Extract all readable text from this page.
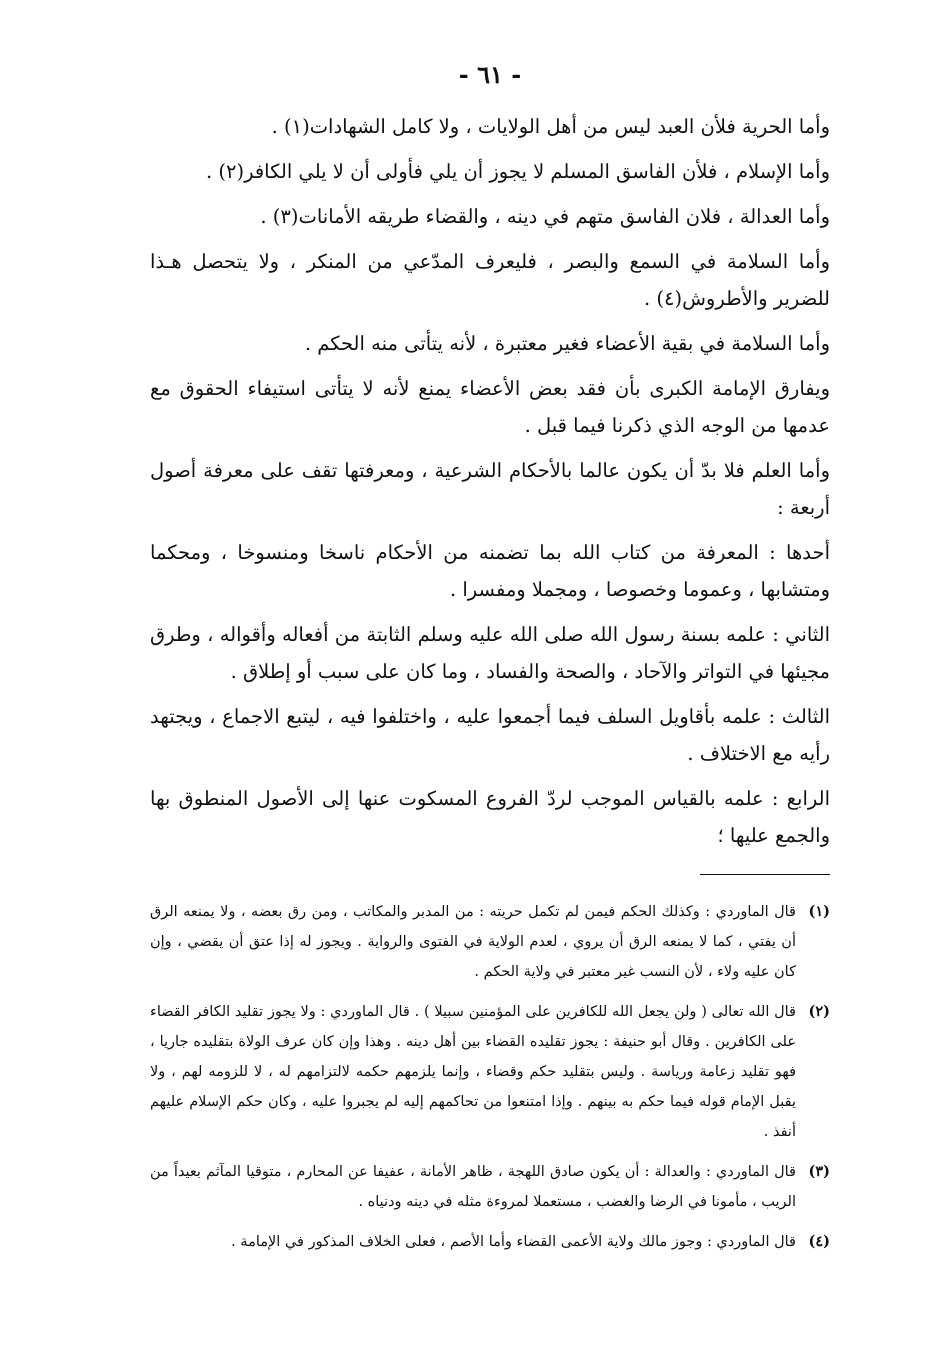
- ٦١ -

وأما الحرية فلأن العبد ليس من أهل الولايات ، ولا كامل الشهادات(١) .

وأما الإسلام ، فلأن الفاسق المسلم لا يجوز أن يلي فأولى أن لا يلي الكافر(٢) .

وأما العدالة ، فلان الفاسق متهم في دينه ، والقضاء طريقه الأمانات(٣) .

وأما السلامة في السمع والبصر ، فليعرف المدّعي من المنكر ، ولا يتحصل هـذا للضرير والأطروش(٤) .

وأما السلامة في بقية الأعضاء فغير معتبرة ، لأنه يتأتى منه الحكم .

ويفارق الإمامة الكبرى بأن فقد بعض الأعضاء يمنع لأنه لا يتأتى استيفاء الحقوق مع عدمها من الوجه الذي ذكرنا فيما قبل .

وأما العلم فلا بدّ أن يكون عالما بالأحكام الشرعية ، ومعرفتها تقف على معرفة أصول أربعة :

أحدها : المعرفة من كتاب الله بما تضمنه من الأحكام ناسخا ومنسوخا ، ومحكما ومتشابها ، وعموما وخصوصا ، ومجملا ومفسرا .

الثاني : علمه بسنة رسول الله صلى الله عليه وسلم الثابتة من أفعاله وأقواله ، وطرق مجيئها في التواتر والآحاد ، والصحة والفساد ، وما كان على سبب أو إطلاق .

الثالث : علمه بأقاويل السلف فيما أجمعوا عليه ، واختلفوا فيه ، ليتبع الاجماع ، ويجتهد رأيه مع الاختلاف .

الرابع : علمه بالقياس الموجب لردّ الفروع المسكوت عنها إلى الأصول المنطوق بها والجمع عليها ؛

(١)
قال الماوردي : وكذلك الحكم فيمن لم تكمل حريته : من المدبر والمكاتب ، ومن رق بعضه ، ولا يمنعه الرق أن يفتي ، كما لا يمنعه الرق أن يروي ، لعدم الولاية في الفتوى والرواية . ويجوز له إذا عتق أن يقضي ، وإن كان عليه ولاء ، لأن النسب غير معتبر في ولاية الحكم .
(٢)
قال الله تعالى ( ولن يجعل الله للكافرين على المؤمنين سبيلا ) . قال الماوردي : ولا يجوز تقليد الكافر القضاء على الكافرين . وقال أبو حنيفة : يجوز تقليده القضاء بين أهل دينه . وهذا وإن كان عرف الولاة بتقليده جاريا ، فهو تقليد زعامة ورياسة . وليس بتقليد حكم وقضاء ، وإنما يلزمهم حكمه لالتزامهم له ، لا للزومه لهم ، ولا يقبل الإمام قوله فيما حكم به بينهم . وإذا امتنعوا من تحاكمهم إليه لم يجبروا عليه ، وكان حكم الإسلام عليهم أنفذ .
(٣)
قال الماوردي : والعدالة : أن يكون صادق اللهجة ، ظاهر الأمانة ، عفيفا عن المحارم ، متوقيا المآثم بعيداً من الريب ، مأمونا في الرضا والغضب ، مستعملا لمروءة مثله في دينه ودنياه .
(٤)
قال الماوردي : وجوز مالك ولاية الأعمى القضاء وأما الأصم ، فعلى الخلاف المذكور في الإمامة .
